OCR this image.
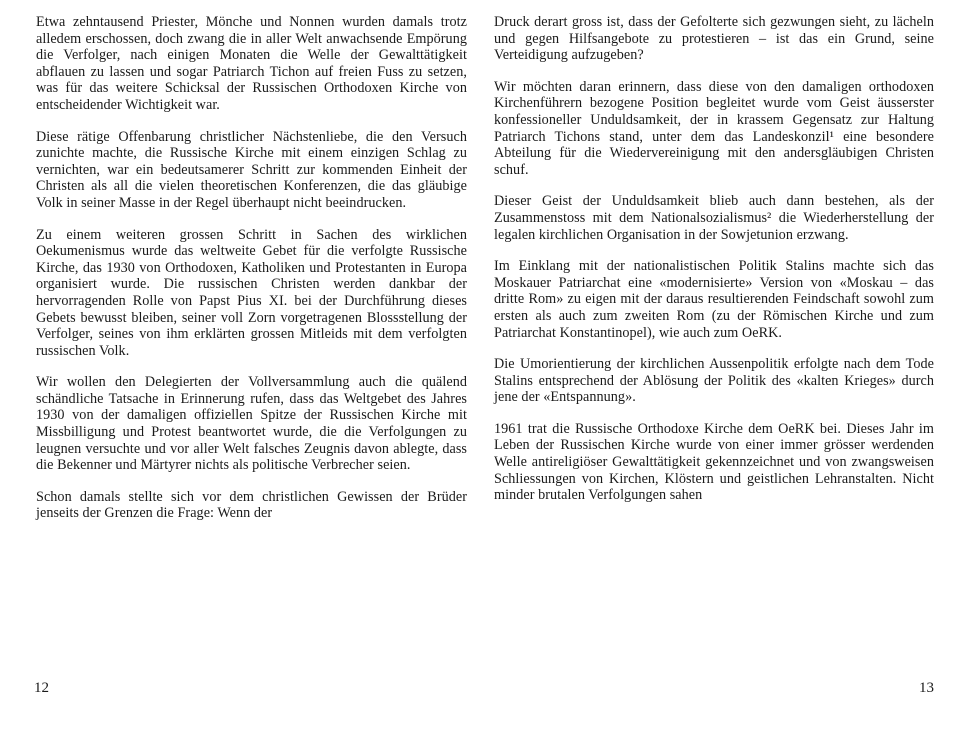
Etwa zehntausend Priester, Mönche und Nonnen wurden damals trotz alledem erschossen, doch zwang die in aller Welt anwachsende Empörung die Verfolger, nach einigen Monaten die Welle der Gewalttätigkeit abflauen zu lassen und sogar Patriarch Tichon auf freien Fuss zu setzen, was für das weitere Schicksal der Russischen Orthodoxen Kirche von entscheidender Wichtigkeit war.

Diese rätige Offenbarung christlicher Nächstenliebe, die den Versuch zunichte machte, die Russische Kirche mit einem einzigen Schlag zu vernichten, war ein bedeutsamerer Schritt zur kommenden Einheit der Christen als all die vielen theoretischen Konferenzen, die das gläubige Volk in seiner Masse in der Regel überhaupt nicht beeindrucken.

Zu einem weiteren grossen Schritt in Sachen des wirklichen Oekumenismus wurde das weltweite Gebet für die verfolgte Russische Kirche, das 1930 von Orthodoxen, Katholiken und Protestanten in Europa organisiert wurde. Die russischen Christen werden dankbar der hervorragenden Rolle von Papst Pius XI. bei der Durchführung dieses Gebets bewusst bleiben, seiner voll Zorn vorgetragenen Blossstellung der Verfolger, seines von ihm erklärten grossen Mitleids mit dem verfolgten russischen Volk.

Wir wollen den Delegierten der Vollversammlung auch die quälend schändliche Tatsache in Erinnerung rufen, dass das Weltgebet des Jahres 1930 von der damaligen offiziellen Spitze der Russischen Kirche mit Missbilligung und Protest beantwortet wurde, die die Verfolgungen zu leugnen versuchte und vor aller Welt falsches Zeugnis davon ablegte, dass die Bekenner und Märtyrer nichts als politische Verbrecher seien.

Schon damals stellte sich vor dem christlichen Gewissen der Brüder jenseits der Grenzen die Frage: Wenn der

12

Druck derart gross ist, dass der Gefolterte sich gezwungen sieht, zu lächeln und gegen Hilfsangebote zu protestieren – ist das ein Grund, seine Verteidigung aufzugeben?

Wir möchten daran erinnern, dass diese von den damaligen orthodoxen Kirchenführern bezogene Position begleitet wurde vom Geist äusserster konfessioneller Unduldsamkeit, der in krassem Gegensatz zur Haltung Patriarch Tichons stand, unter dem das Landeskonzil¹ eine besondere Abteilung für die Wiedervereinigung mit den andersgläubigen Christen schuf.

Dieser Geist der Unduldsamkeit blieb auch dann bestehen, als der Zusammenstoss mit dem Nationalsozialismus² die Wiederherstellung der legalen kirchlichen Organisation in der Sowjetunion erzwang.

Im Einklang mit der nationalistischen Politik Stalins machte sich das Moskauer Patriarchat eine «modernisierte» Version von «Moskau – das dritte Rom» zu eigen mit der daraus resultierenden Feindschaft sowohl zum ersten als auch zum zweiten Rom (zu der Römischen Kirche und zum Patriarchat Konstantinopel), wie auch zum OeRK.

Die Umorientierung der kirchlichen Aussenpolitik erfolgte nach dem Tode Stalins entsprechend der Ablösung der Politik des «kalten Krieges» durch jene der «Entspannung».

1961 trat die Russische Orthodoxe Kirche dem OeRK bei. Dieses Jahr im Leben der Russischen Kirche wurde von einer immer grösser werdenden Welle antireligiöser Gewalttätigkeit gekennzeichnet und von zwangsweisen Schliessungen von Kirchen, Klöstern und geistlichen Lehranstalten. Nicht minder brutalen Verfolgungen sahen

13
